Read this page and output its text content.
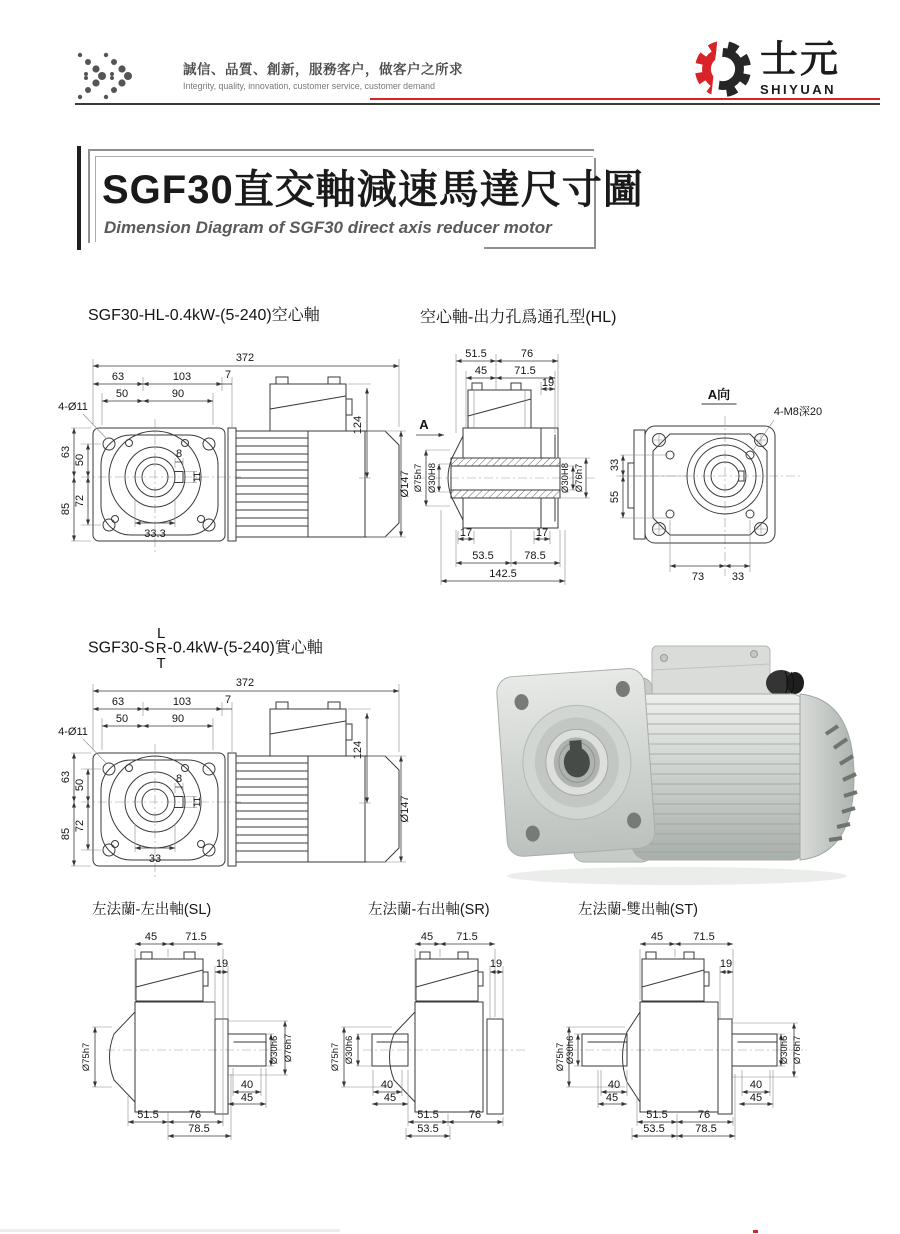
誠信、品質、創新，服務客户，做客户之所求
Integrity, quality, innovation, customer service, customer demand
士元
SHIYUAN
SGF30直交軸減速馬達尺寸圖
Dimension Diagram of SGF30 direct axis reducer motor
SGF30-HL-0.4kW-(5-240)空心軸	空心軸-出力孔爲通孔型(HL)
372
63	103	7
50	90
4-Ø11
63
50
85
72
8
11
33.3
124
Ø147
51.5	76
45 71.5
19
A
Ø75h7 Ø30H8	Ø30H8 Ø76h7
17	17
53.5	78.5
142.5
A向
4-M8深20
33
55
73	33
SGF30-S
L
R
T
-0.4kW-(5-240)實心軸
372
63	103	7
50	90
4-Ø11
63
50
85
72
8
11
33
124
Ø147
左法蘭-左出軸(SL)	左法蘭-右出軸(SR)	左法蘭-雙出軸(ST)
45	71.5
19
Ø75h7	Ø30h6 Ø76h7
40
45
51.5	76
78.5
45 71.5
19
Ø75h7 Ø30h6
40
45
51.5	76
53.5
45	71.5
19
Ø75h7 Ø30h6	Ø30h6 Ø76h7
40
45
40
45
51.5	76
53.5	78.5
